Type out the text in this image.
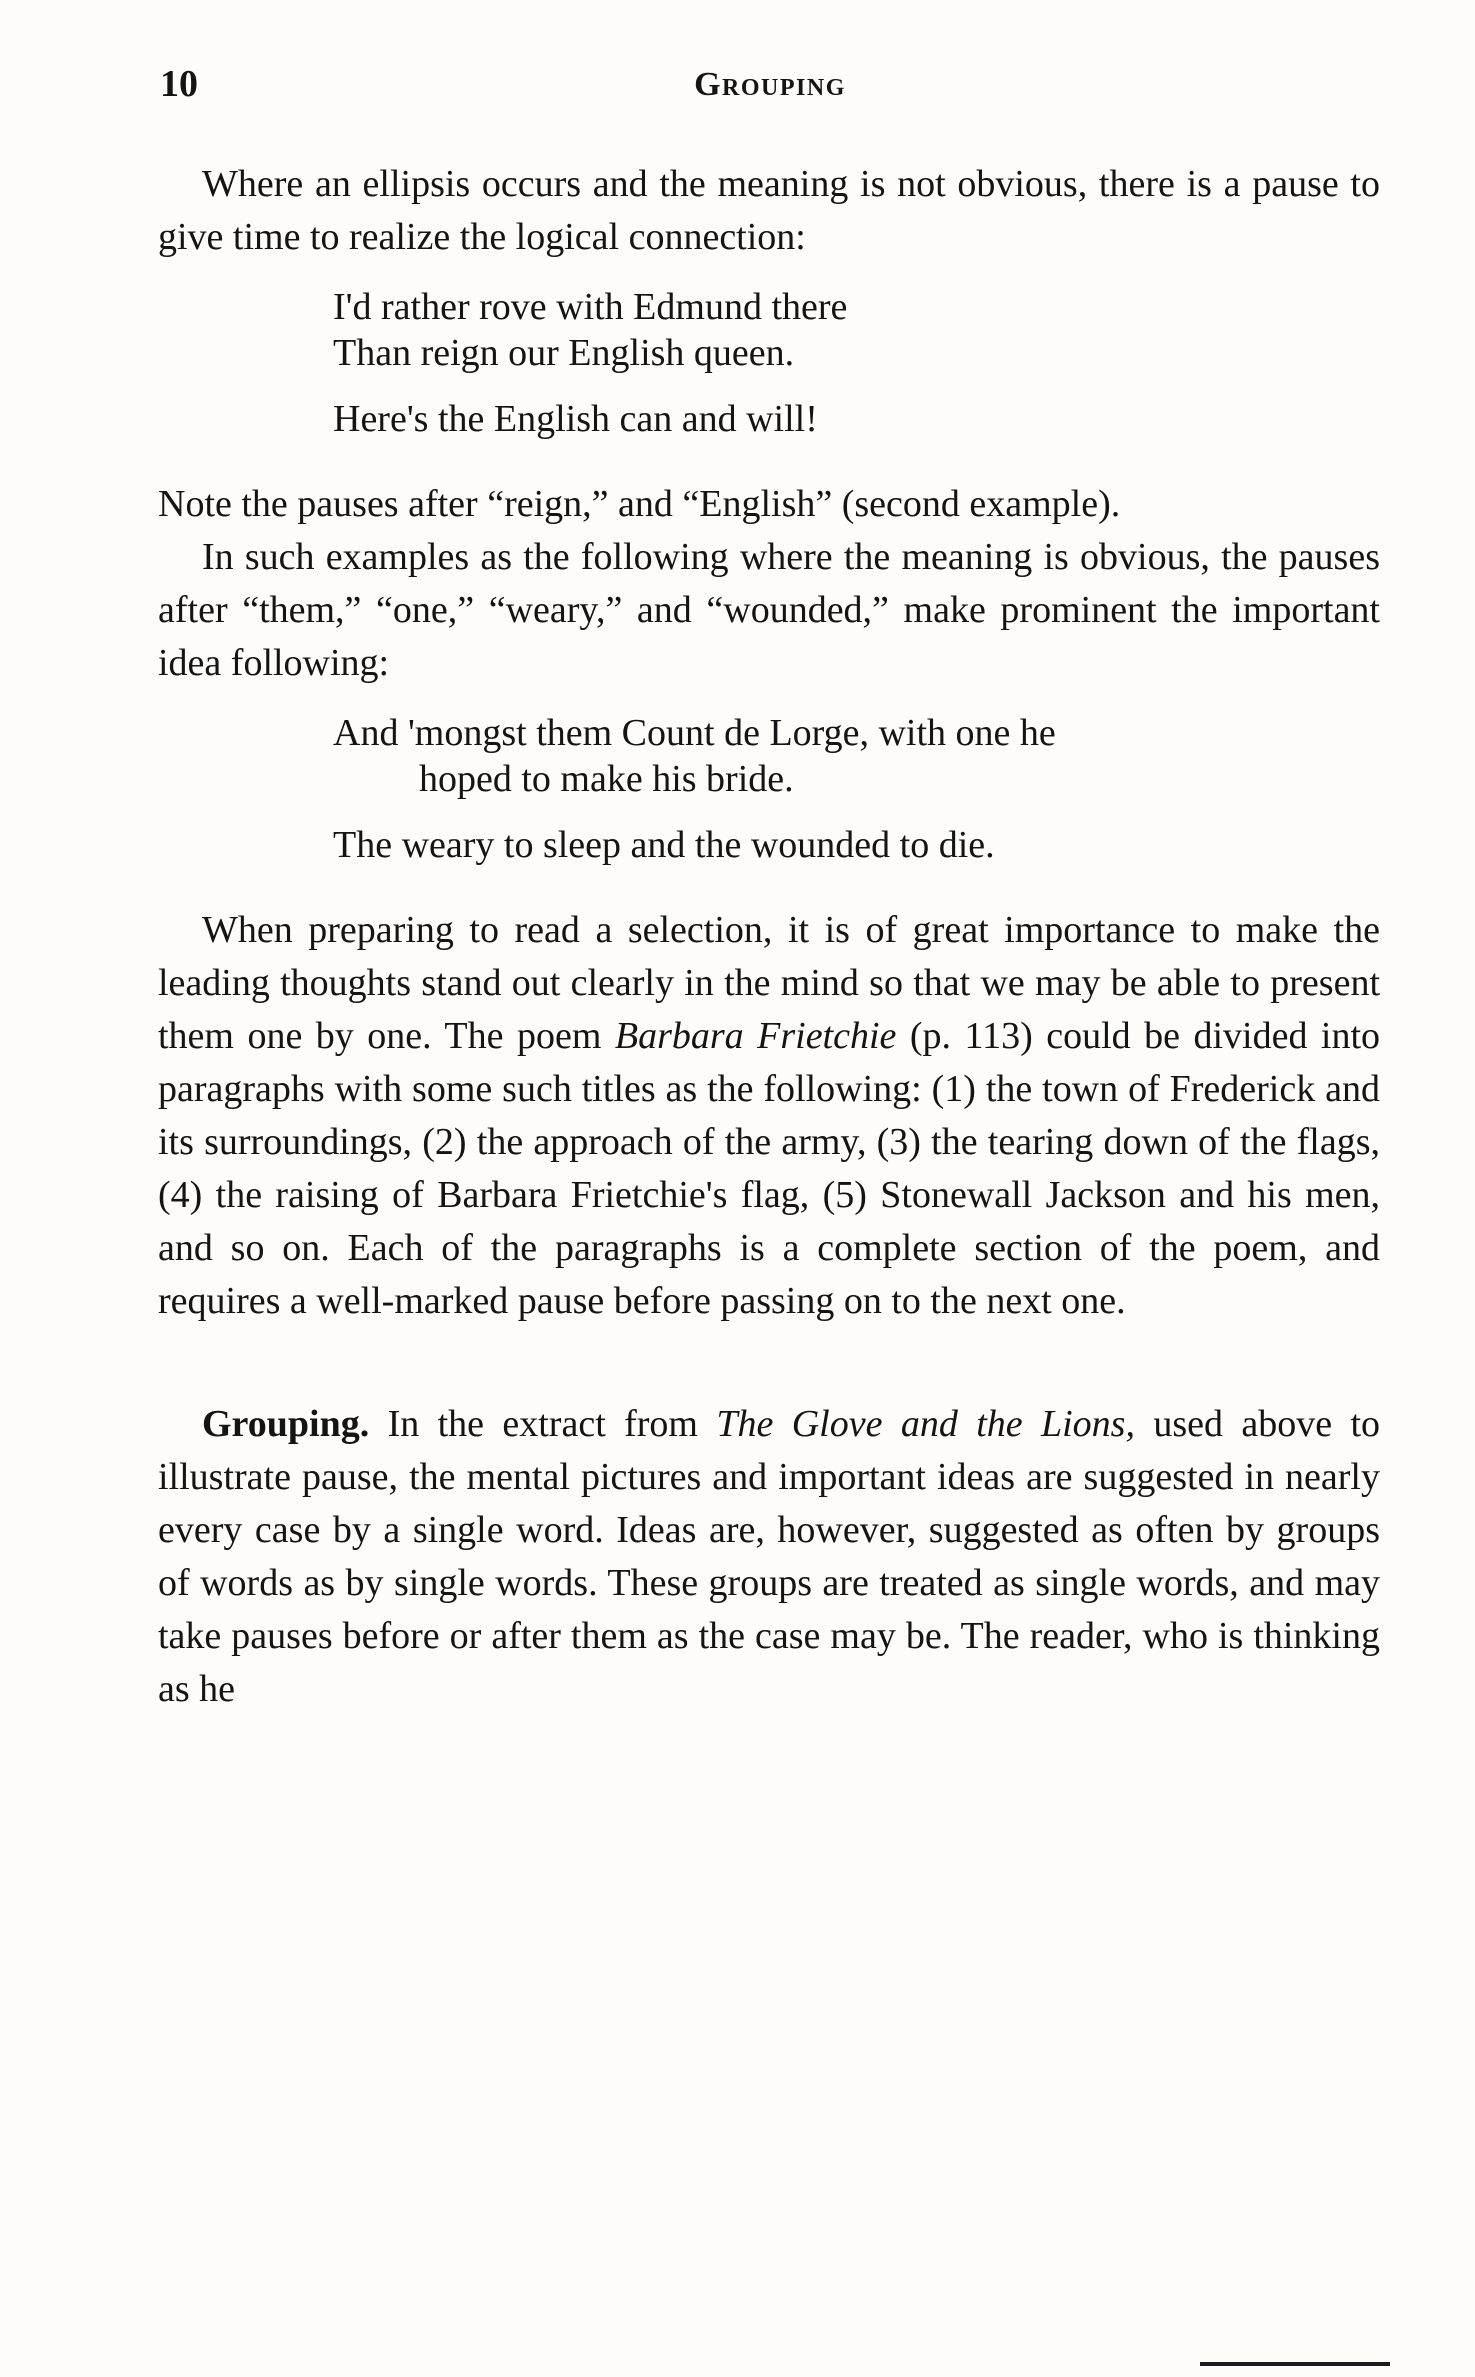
10	Grouping

Where an ellipsis occurs and the meaning is not obvious, there is a pause to give time to realize the logical connection:

I'd rather rove with Edmund there
Than reign our English queen.
Here's the English can and will!

Note the pauses after “reign,” and “English” (second example).

In such examples as the following where the meaning is obvious, the pauses after “them,” “one,” “weary,” and “wounded,” make prominent the important idea following:

And 'mongst them Count de Lorge, with one he
hoped to make his bride.
The weary to sleep and the wounded to die.

When preparing to read a selection, it is of great importance to make the leading thoughts stand out clearly in the mind so that we may be able to present them one by one. The poem Barbara Frietchie (p. 113) could be divided into paragraphs with some such titles as the following: (1) the town of Frederick and its surroundings, (2) the approach of the army, (3) the tearing down of the flags, (4) the raising of Barbara Frietchie's flag, (5) Stonewall Jackson and his men, and so on. Each of the paragraphs is a complete section of the poem, and requires a well-marked pause before passing on to the next one.

Grouping. In the extract from The Glove and the Lions, used above to illustrate pause, the mental pictures and important ideas are suggested in nearly every case by a single word. Ideas are, however, suggested as often by groups of words as by single words. These groups are treated as single words, and may take pauses before or after them as the case may be. The reader, who is thinking as he
